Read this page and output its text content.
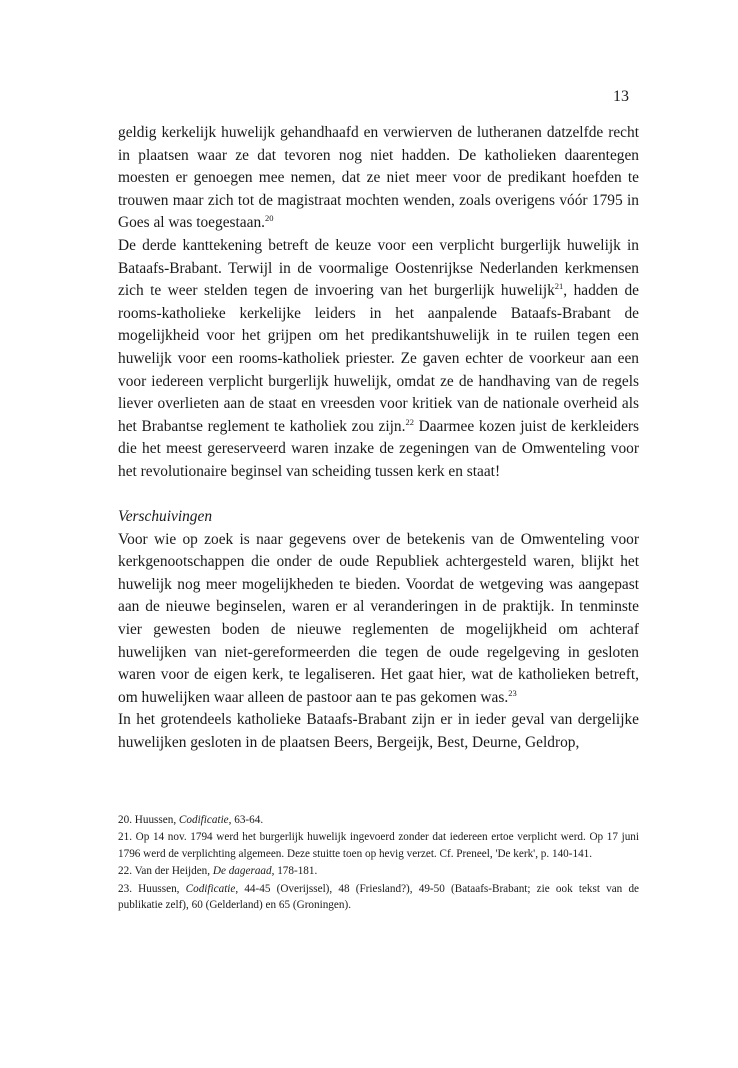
13

geldig kerkelijk huwelijk gehandhaafd en verwierven de lutheranen datzelfde recht in plaatsen waar ze dat tevoren nog niet hadden. De katholieken daarentegen moesten er genoegen mee nemen, dat ze niet meer voor de predikant hoefden te trouwen maar zich tot de magistraat mochten wenden, zoals overigens vóór 1795 in Goes al was toegestaan.$^{20}$

De derde kanttekening betreft de keuze voor een verplicht burgerlijk huwelijk in Bataafs-Brabant. Terwijl in de voormalige Oostenrijkse Nederlanden kerkmensen zich te weer stelden tegen de invoering van het burgerlijk huwelijk$^{21}$, hadden de rooms-katholieke kerkelijke leiders in het aanpalende Bataafs-Brabant de mogelijkheid voor het grijpen om het predikantshuwelijk in te ruilen tegen een huwelijk voor een rooms-katholiek priester. Ze gaven echter de voorkeur aan een voor iedereen verplicht burgerlijk huwelijk, omdat ze de handhaving van de regels liever overlieten aan de staat en vreesden voor kritiek van de nationale overheid als het Brabantse reglement te katholiek zou zijn.$^{22}$ Daarmee kozen juist de kerkleiders die het meest gereserveerd waren inzake de zegeningen van de Omwenteling voor het revolutionaire beginsel van scheiding tussen kerk en staat!

Verschuivingen

Voor wie op zoek is naar gegevens over de betekenis van de Omwenteling voor kerkgenootschappen die onder de oude Republiek achtergesteld waren, blijkt het huwelijk nog meer mogelijkheden te bieden. Voordat de wetgeving was aangepast aan de nieuwe beginselen, waren er al veranderingen in de praktijk. In tenminste vier gewesten boden de nieuwe reglementen de mogelijkheid om achteraf huwelijken van niet-gereformeerden die tegen de oude regelgeving in gesloten waren voor de eigen kerk, te legaliseren. Het gaat hier, wat de katholieken betreft, om huwelijken waar alleen de pastoor aan te pas gekomen was.$^{23}$

In het grotendeels katholieke Bataafs-Brabant zijn er in ieder geval van dergelijke huwelijken gesloten in de plaatsen Beers, Bergeijk, Best, Deurne, Geldrop,

20. Huussen, Codificatie, 63-64.

21. Op 14 nov. 1794 werd het burgerlijk huwelijk ingevoerd zonder dat iedereen ertoe verplicht werd. Op 17 juni 1796 werd de verplichting algemeen. Deze stuitte toen op hevig verzet. Cf. Preneel, 'De kerk', p. 140-141.

22. Van der Heijden, De dageraad, 178-181.

23. Huussen, Codificatie, 44-45 (Overijssel), 48 (Friesland?), 49-50 (Bataafs-Brabant; zie ook tekst van de publikatie zelf), 60 (Gelderland) en 65 (Groningen).
